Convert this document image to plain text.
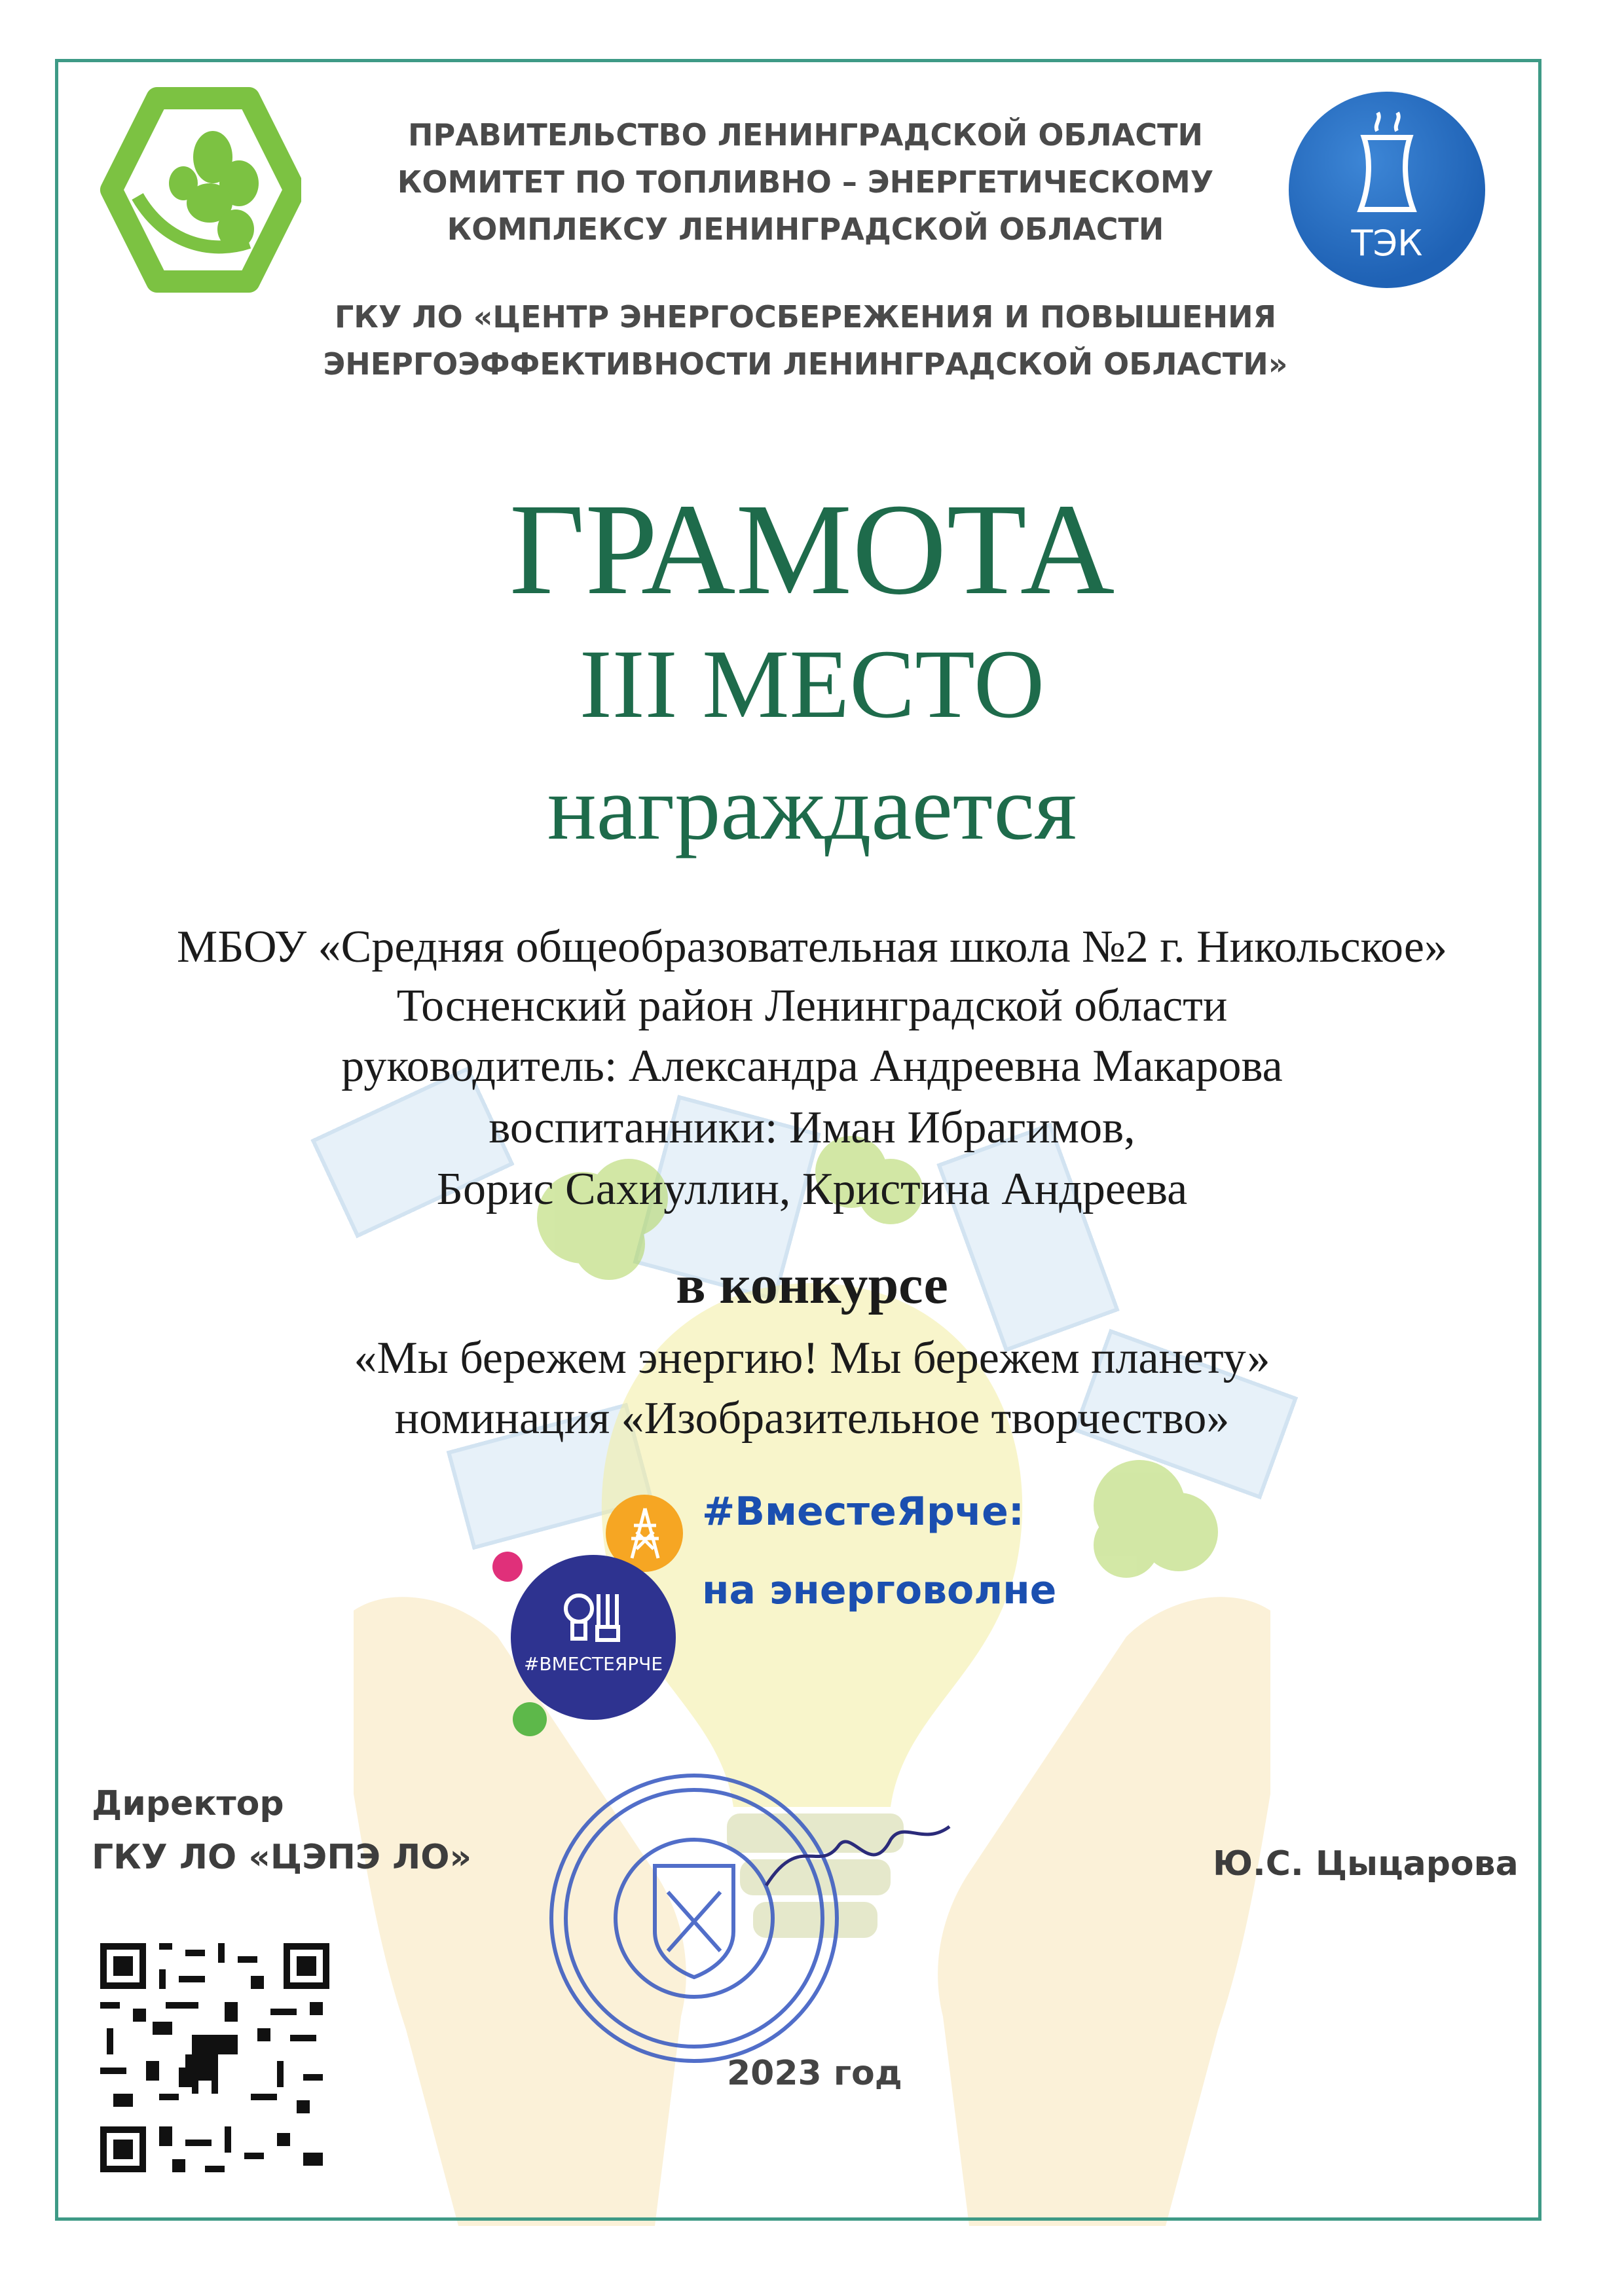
ПРАВИТЕЛЬСТВО ЛЕНИНГРАДСКОЙ ОБЛАСТИ
КОМИТЕТ ПО ТОПЛИВНО – ЭНЕРГЕТИЧЕСКОМУ
КОМПЛЕКСУ ЛЕНИНГРАДСКОЙ ОБЛАСТИ
ГКУ ЛО «ЦЕНТР ЭНЕРГОСБЕРЕЖЕНИЯ И ПОВЫШЕНИЯ
ЭНЕРГОЭФФЕКТИВНОСТИ ЛЕНИНГРАДСКОЙ ОБЛАСТИ»
ТЭК
ГРАМОТА
III МЕСТО
награждается
МБОУ «Средняя общеобразовательная школа №2 г. Никольское»
Тосненский район Ленинградской области
руководитель: Александра Андреевна Макарова
воспитанники: Иман Ибрагимов,
Борис Сахиуллин, Кристина Андреева
в конкурсе
«Мы бережем энергию! Мы бережем планету»
номинация «Изобразительное творчество»
#ВМЕСТЕЯРЧЕ
#ВместеЯрче:
на энерговолне
Директор
ГКУ ЛО «ЦЭПЭ ЛО»	Ю.С. Цыцарова
2023 год
